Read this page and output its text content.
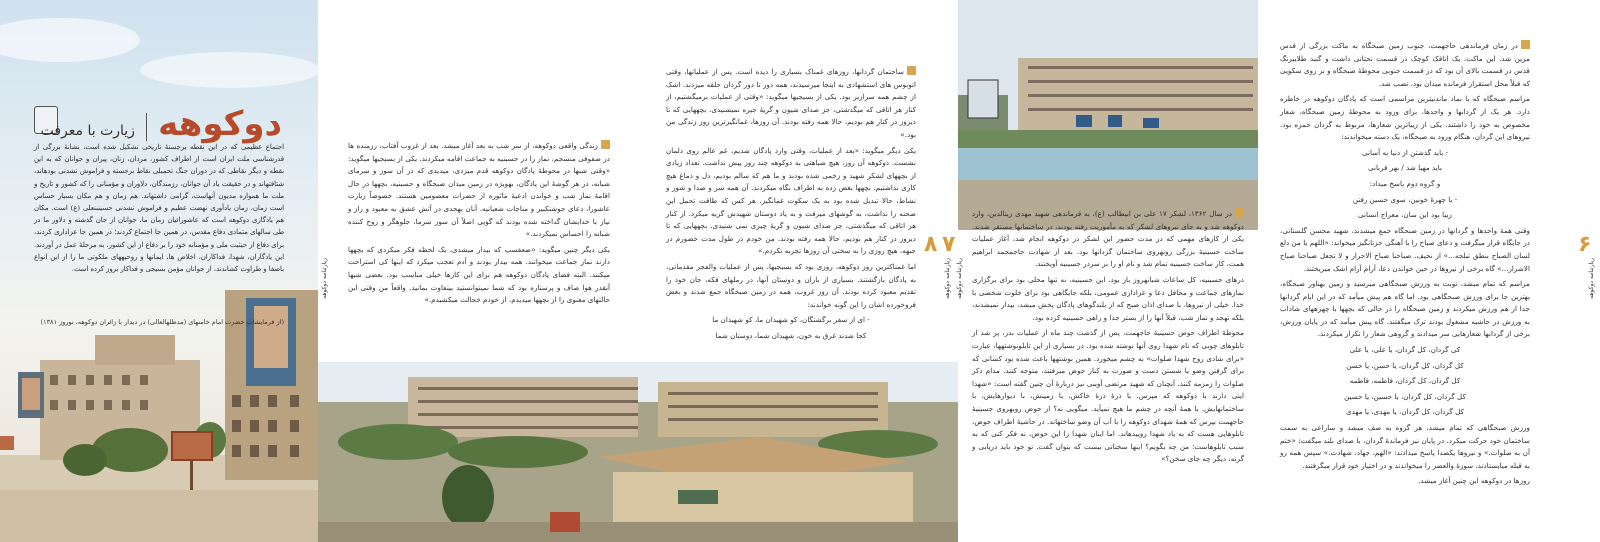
دوکوهه  زیارت با معرفت
اجتماع عظیمی که در این نقطه برجستهٔ تاریخی تشکیل شده است، نشانهٔ بزرگی از قدرشناسی ملت ایران است از اطراف کشور، مردان، زنان، پیران و جوانان که به این نقطه و دیگر نقاطی که در دوران جنگ تحمیلی نقاط برجسته و فراموش نشدنی بودهاند، شتافتهاند و در حقیقت یاد آن جوانان، رزمندگان، دلاوران و مؤمنانی را که کشور و تاریخ و ملت ما همواره مدیون آنهاست، گرامی داشتهاند. هم زمان و هم مکان بسیار حساس است زمان، زمان یادآوری نهضت عظیم و فراموش نشدنی حسینبنعلی (ع) است. مکان هم یادگاری دوکوهه است که عاشورائیان زمان ما، جوانان از جان گذشته و دلاور ما در طی سالهای متمادی دفاع مقدس، در همین جا اجتماع کردند؛ در همین جا عزاداری کردند، برای دفاع از حیثیت ملی و مؤمنانه خود را بر دفاع از این کشور، به مرحلهٔ عمل در آوردند. این یادگاران، شهدا، فداکاران، اخلاص ها، ایمانها و روحیههای ملکوتی ما را از این انواع باصفا و طراوت کشاندند، از جوانان مؤمن بسیجی و فداکار بروز کرده است.
(از فرمایشات حضرت امام خامنهای (مدظلهالعالی) در دیدار با زائران دوکوهه، نوروز ۱۳۸۱)

ساختمان گردانها، روزهای غمناک بسیاری را دیده است. پس از عملیاتها، وقتی اتوبوس های استشهادی به اینجا میرسیدند، همه دور تا دور گردان حلقه میزدند. اشک از چشم همه سرازیر بود. یکی از بسیجیها میگوید: «وقتی از عملیات برمیگشتیم، از کنار هر اتاقی که میگذشتی، جز صدای شیون و گریهٔ جیره نمیشنیدی. بچههایی که تا دیروز در کنار هم بودیم، حالا همه رفته بودند. آن روزها، غمانگیزترین روز زندگی من بود.»

یکی دیگر میگوید: «بعد از عملیات، وقتی وارد پادگان شدیم، غم عالم روی دلمان نشست. دوکوهه آن روز، هیچ شباهتی به دوکوهه چند روز پیش نداشت. تعداد زیادی از بچههای لشکر شهید و زخمی شده بودند و ما هم که سالم بودیم، دل و دماغ هیچ کاری نداشتیم. بچهها بغض زده به اطراف نگاه میکردند. آن همه سر و صدا و شور و نشاط، حالا تبدیل شده بود به یک سکوت غمانگیز. هر کس که طاقت تحمل این صحنه را نداشت، به گوشهای میرفت و به یاد دوستان شهیدش گریه میکرد. از کنار هر اتاقی که میگذشتی، جز صدای شیون و گریهٔ چیزی نمی شنیدی. بچههایی که تا دیروز در کنار هم بودیم، حالا همه رفته بودند. من خودم در طول مدت حضورم در جبهه، هیچ روزی را به سختی آن روزها تجربه نکردم.»

اما غمناکترین روز دوکوهه، روزی بود که بسیجیها، پس از عملیات والفجر مقدماتی، به پادگان بازگشتند. بسیاری از یاران و دوستان آنها، در رملهای فکه، جان خود را تقدیم معبود کرده بودند. آن روز غروب، همه در زمین صبحگاه جمع شدند و بغض فروخورده اشان را این گونه خواندند:

- ای از سفر برگشتگان، کو شهیدان ما، کو شهیدان ما

کجا شدند غرق به خون، شهیدان شما، دوستان شما

زندگی واقعی دوکوهه، از سر شب به بعد آغاز میشد. بعد از غروب آفتاب، رزمنده ها در صفوفی منسجم، نماز را در حسینیه به جماعت اقامه میکردند. یکی از بسیجیها میگوید: «وقتی شبها در محوطهٔ پادگان دوکوهه قدم میزدی، میدیدی که در آن سوز و سرمای شبانه، در هر گوشهٔ این پادگان، بهویژه در زمین میدان صبحگاه و حسینیه، بچهها در حال اقامهٔ نماز شب و خواندن ادعیهٔ ماثوره از حضرات معصومین هستند. خصوصاً زیارت عاشورا، دعای جوشنکبیر و مناجات شعبانیه. آنان بهحدی در آتش عشق به معبود و راز و نیاز با خدایشان گداخته شده بودند که گویی اصلاً آن سوز سرما، جلوهگر و روح کننده شبانه را احساس نمیکردند.»

یکی دیگر چنین میگوید: «ضعفسب که بیدار میشدی، یک لحظه فکر میکردی که بچهها دارند نماز جماعت میخوانند. همه بیدار بودند و آدم تعجب میکرد که اینها کی استراحت میکنند. البته فضای پادگان دوکوهه هم برای این کارها خیلی مناسب بود. بعضی شبها آنقدر هوا صاف و پرستاره بود که شما نمیتوانستید بیتفاوت بمانید. واقعاً من وقتی این حالتهای معنوی را از بچهها میدیدم، از خودم خجالت میکشیدم.»

زیارتنامه دوکوهه
۸
زیارتنامه دوکوهه

در سال ۱۳۶۲، لشکر ۱۷ علی بن ابیطالب (ع)، به فرماندهی شهید مهدی زینالدین، وارد دوکوهه شد و به جای نیروهای لشکر که به مأموریت رفته بودند، در ساختمانها مستقر شدند. یکی از کارهای مهمی که در مدت حضور این لشکر در دوکوهه انجام شد، آغاز عملیات ساخت حسینیهٔ بزرگی روبهروی ساختمان گردانها بود. بعد از شهادت حاجمحمد ابراهیم همت، کار ساخت حسینیه تمام شد و نام او را بر سردر حسینیه آویختند.

درهای حسینیه، کل ساعات شبانهروز باز بود. این حسینیه، نه تنها محلی بود برای برگزاری نمازهای جماعت و محافل دعا و عزاداری عمومی، بلکه جایگاهی بود برای خلوت شخصی با خدا. خیلی از نیروها، با صدای اذان صبح که از بلندگوهای پادگان پخش میشد، بیدار نمیشدند، بلکه تهجد و نماز شب، قبلاً آنها را از بستر جدا و راهی حسینیه کرده بود.

محوطهٔ اطراف حوض حسینیهٔ حاجهمت، پس از گذشت چند ماه از عملیات بدر، پر شد از تابلوهای چوبی که نام شهدا روی آنها نوشته شده بود. در بسیاری از این تابلونوشتهها، عبارت «برای شادی روح شهدا صلوات» به چشم میخورد. همین نوشتهها باعث شده بود کسانی که برای گرفتن وضو یا شستن دست و صورت به کنار حوض میرفتند، متوجه کنند. مدام ذکر صلوات را زمزمه کنند. آنچنان که شهید مرتضی آوینی نیز دربارهٔ آن چنین گفته است: «شهدا اینی دارند با دوکوهه که مپرس. با ذرهٔ ذرهٔ خاکش، با زمینش، با دیوارهایش، با ساختمانهایش. با همهٔ آنچه در چشم ما هیچ نمیآید. میگویی نه؟ از حوض روبهروی حسینیهٔ حاجهمت بپرس که همهٔ شهدای دوکوهه را با آب آن وضو ساختهاند. در حاشیهٔ اطراف حوض، تابلوهایی هست که به یاد شهدا روییدهاند. اما اینان شهدا را این حوض، نه فکر کنی که به سبب تابلوهاست؛ من چه بگویم؟ اینها سخنانی نیست که بتوان گفت. تو خود باید دریابی و گرنه، دیگر چه جای سخن؟»

۷
زیارتنامه دوکوهه

در زمان فرماندهی حاجهمت، جنوب زمین صبحگاه به ماکت بزرگی از قدس مزین شد. این ماکت، یک اتاقک کوچک در قسمت تحتانی داشت و گنبد طلاییرنگ قدس در قسمت بالای آن بود که در قسمت جنوبی محوطهٔ صبحگاه و بر روی سکویی که قبلاً محل استقرار فرمانده میدان بود، نصب شد.

مراسم صبحگاه که با نماد ماندنیترین مراسمی است که پادگان دوکوهه در خاطره دارد. هر یک از گردانها و واحدها، برای ورود به محوطهٔ زمین صبحگاه، شعار مخصوص به خود را داشتند. یکی از زیباترین شعارها، مربوط به گردان حمزه بود. نیروهای این گردان، هنگام ورود به صبحگاه، یک دسته میخواندند:

- باید گذشتن از دنیا به آسانی

باید مهیا شد / بهر قربانی

و گروه دوم پاسخ میداد:

- با چهرهٔ خونین، سوی حسین رفتن

زیبا بود این سان، معراج انسانی

وقتی همهٔ واحدها و گردانها در زمین صبحگاه جمع میشدند، شهید محسن گلستانی، در جایگاه قرار میگرفت و دعای صباح را با آهنگی حزنانگیز میخواند: «اللهم یا من دلع لسان الصباح بنطق تبلجه...» از نحیف. صباحنا صباح الاحرار و لا تجعل صباحنا صباح الاشرار...» گاه برخی از نیروها در حین خواندن دعا، آرام آرام اشک میریختند.

مراسم که تمام میشد، نوبت به ورزش صبحگاهی میرسید و زمین بهناور صبحگاه، بهترین جا برای ورزش صبحگاهی بود. اما گاه هم پیش میآمد که در این ایام گردانها جدا از هم ورزش میکردند و زمین صبحگاه را در حالی که بچهها با چهرههای شاداب به ورزش در حاشیه مشغول بودند ترک میگفتند. گاه پیش میآمد که در پایان ورزش، برخی از گردانها شعارهایی سر میدادند و گروهی شعار را تکرار میکردند.

کی گردان، کل گردان، یا علی، یا علی

کل گردان، کل گردان، یا حسن، یا حسن

کل گردان، کل گردان، فاطمه، فاطمه

کل گردان، کل گردان، یا حسین، یا حسین

کل گردان، کل گردان، یا مهدی، یا مهدی

ورزش صبحگاهی که تمام میشد، هر گروه به صف میشد و ساراعی به سمت ساختمان خود حرکت میکرد. در پایان نیز فرماندهٔ گردان، با صدای بلند میگفت: «ختم آن به صلوات.» و نیروها یکصدا پاسخ میدادند: «الهم، جهاد، شهادت.» سپس همه رو به قبله میایستادند، سورهٔ والعصر را میخواندند و در اختیار خود قرار میگرفتند.

روزها در دوکوهه این چنین آغاز میشد.

۶
زیارتنامه دوکوهه
